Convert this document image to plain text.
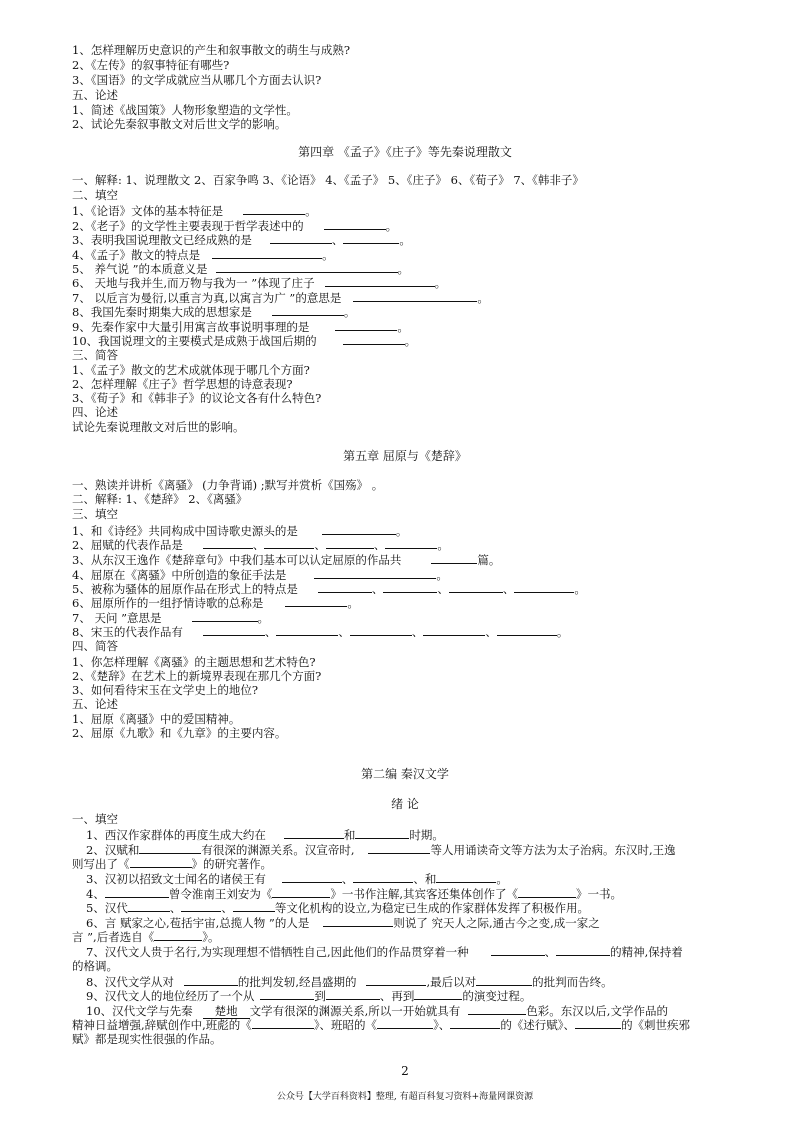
1、怎样理解历史意识的产生和叙事散文的萌生与成熟?
2、《左传》的叙事特征有哪些?
3、《国语》的文学成就应当从哪几个方面去认识?
五、论述
1、简述《战国策》人物形象塑造的文学性。
2、试论先秦叙事散文对后世文学的影响。
第四章 《孟子》《庄子》等先秦说理散文
一、解释: 1、说理散文 2、百家争鸣 3、《论语》 4、《孟子》 5、《庄子》 6、《荀子》 7、《韩非子》
二、填空
1、《论语》文体的基本特征是	。
2、《老子》的文学性主要表现于哲学表述中的	。
3、表明我国说理散文已经成熟的是	、	。
4、《孟子》散文的特点是	。
5、 养气说 ”的本质意义是	。
6、 天地与我并生,而万物与我为一 ”体现了庄子	。
7、 以卮言为曼衍,以重言为真,以寓言为广 ”的意思是	。
8、我国先秦时期集大成的思想家是	。
9、先秦作家中大量引用寓言故事说明事理的是	。
10、我国说理文的主要模式是成熟于战国后期的	。
三、简答
1、《孟子》散文的艺术成就体现于哪几个方面?
2、怎样理解《庄子》哲学思想的诗意表现?
3、《荀子》和《韩非子》的议论文各有什么特色?
四、论述
试论先秦说理散文对后世的影响。
第五章 屈原与《楚辞》
一、熟读并讲析《离骚》 (力争背诵) ;默写并赏析《国殇》 。
二、解释: 1、《楚辞》 2、《离骚》
三、填空
1、和《诗经》共同构成中国诗歌史源头的是	。
2、屈赋的代表作品是	、	、	、	。
3、从东汉王逸作《楚辞章句》中我们基本可以认定屈原的作品共	篇。
4、屈原在《离骚》中所创造的象征手法是	。
5、被称为骚体的屈原作品在形式上的特点是	、	、	、	。
6、屈原所作的一组抒情诗歌的总称是	。
7、 天问 ”意思是	。
8、宋玉的代表作品有	、	、	、	、	。
四、简答
1、你怎样理解《离骚》的主题思想和艺术特色?
2、《楚辞》在艺术上的新境界表现在那几个方面?
3、如何看待宋玉在文学史上的地位?
五、论述
1、屈原《离骚》中的爱国精神。
2、屈原《九歌》和《九章》的主要内容。
第二编 秦汉文学
绪 论
一、填空
1、西汉作家群体的再度生成大约在	和	时期。
2、汉赋和	有很深的渊源关系。汉宣帝时,	等人用诵读奇文等方法为太子治病。东汉时,王逸
则写出了《	》的研究著作。
3、汉初以招致文士闻名的诸侯王有	、	、和	。
4、	曾令淮南王刘安为《	》一书作注解,其宾客还集体创作了《	》一书。
5、汉代	、	、	等文化机构的设立,为稳定已生成的作家群体发挥了积极作用。
6、言 赋家之心,苞括宇宙,总揽人物 ”的人是	则说了 究天人之际,通古今之变,成一家之
言 ”,后者选自《	》。
7、汉代文人贵于名行,为实现理想不惜牺牲自己,因此他们的作品贯穿着一种	、	的精神,保持着
的格调。
8、汉代文学从对	的批判发轫,经昌盛期的	,最后以对	的批判而告终。
9、汉代文人的地位经历了一个从	到	、再到	的演变过程。
10、汉代文学与先秦 楚地 文学有很深的渊源关系,所以一开始就具有	色彩。东汉以后,文学作品的
精神日益增强,辞赋创作中,班彪的《	》、班昭的《	》、	的《述行赋》、	的《刺世疾邪
赋》都是现实性很强的作品。
2
公众号【大学百科资料】整理, 有超百科复习资料+海量网课资源
